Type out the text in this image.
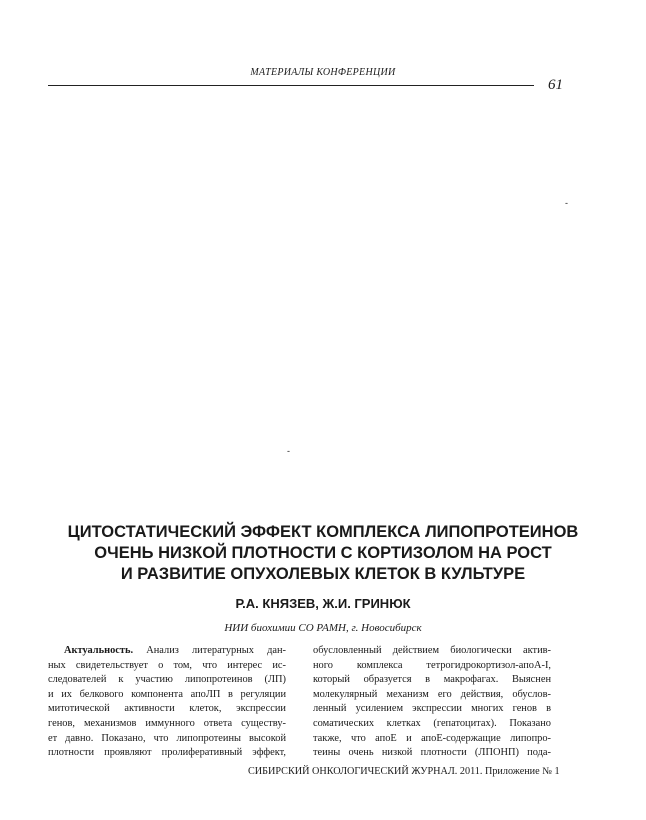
МАТЕРИАЛЫ КОНФЕРЕНЦИИ
61
-
-
ЦИТОСТАТИЧЕСКИЙ ЭФФЕКТ КОМПЛЕКСА ЛИПОПРОТЕИНОВ
ОЧЕНЬ НИЗКОЙ ПЛОТНОСТИ С КОРТИЗОЛОМ НА РОСТ
И РАЗВИТИЕ ОПУХОЛЕВЫХ КЛЕТОК В КУЛЬТУРЕ
Р.А. КНЯЗЕВ, Ж.И. ГРИНЮК
НИИ биохимии СО РАМН, г. Новосибирск

Актуальность. Анализ литературных дан-

ных свидетельствует о том, что интерес ис-

следователей к участию липопротеинов (ЛП)

и их белкового компонента апоЛП в регуляции

митотической активности клеток, экспрессии

генов, механизмов иммунного ответа существу-

ет давно. Показано, что липопротеины высокой

плотности проявляют пролиферативный эффект,

обусловленный действием биологически актив-

ного комплекса тетрогидрокортизол-апоА-I,

который образуется в макрофагах. Выяснен

молекулярный механизм его действия, обуслов-

ленный усилением экспрессии многих генов в

соматических клетках (гепатоцитах). Показано

также, что апоЕ и апоЕ-содержащие липопро-

теины очень низкой плотности (ЛПОНП) пода-

СИБИРСКИЙ ОНКОЛОГИЧЕСКИЙ ЖУРНАЛ. 2011. Приложение № 1
